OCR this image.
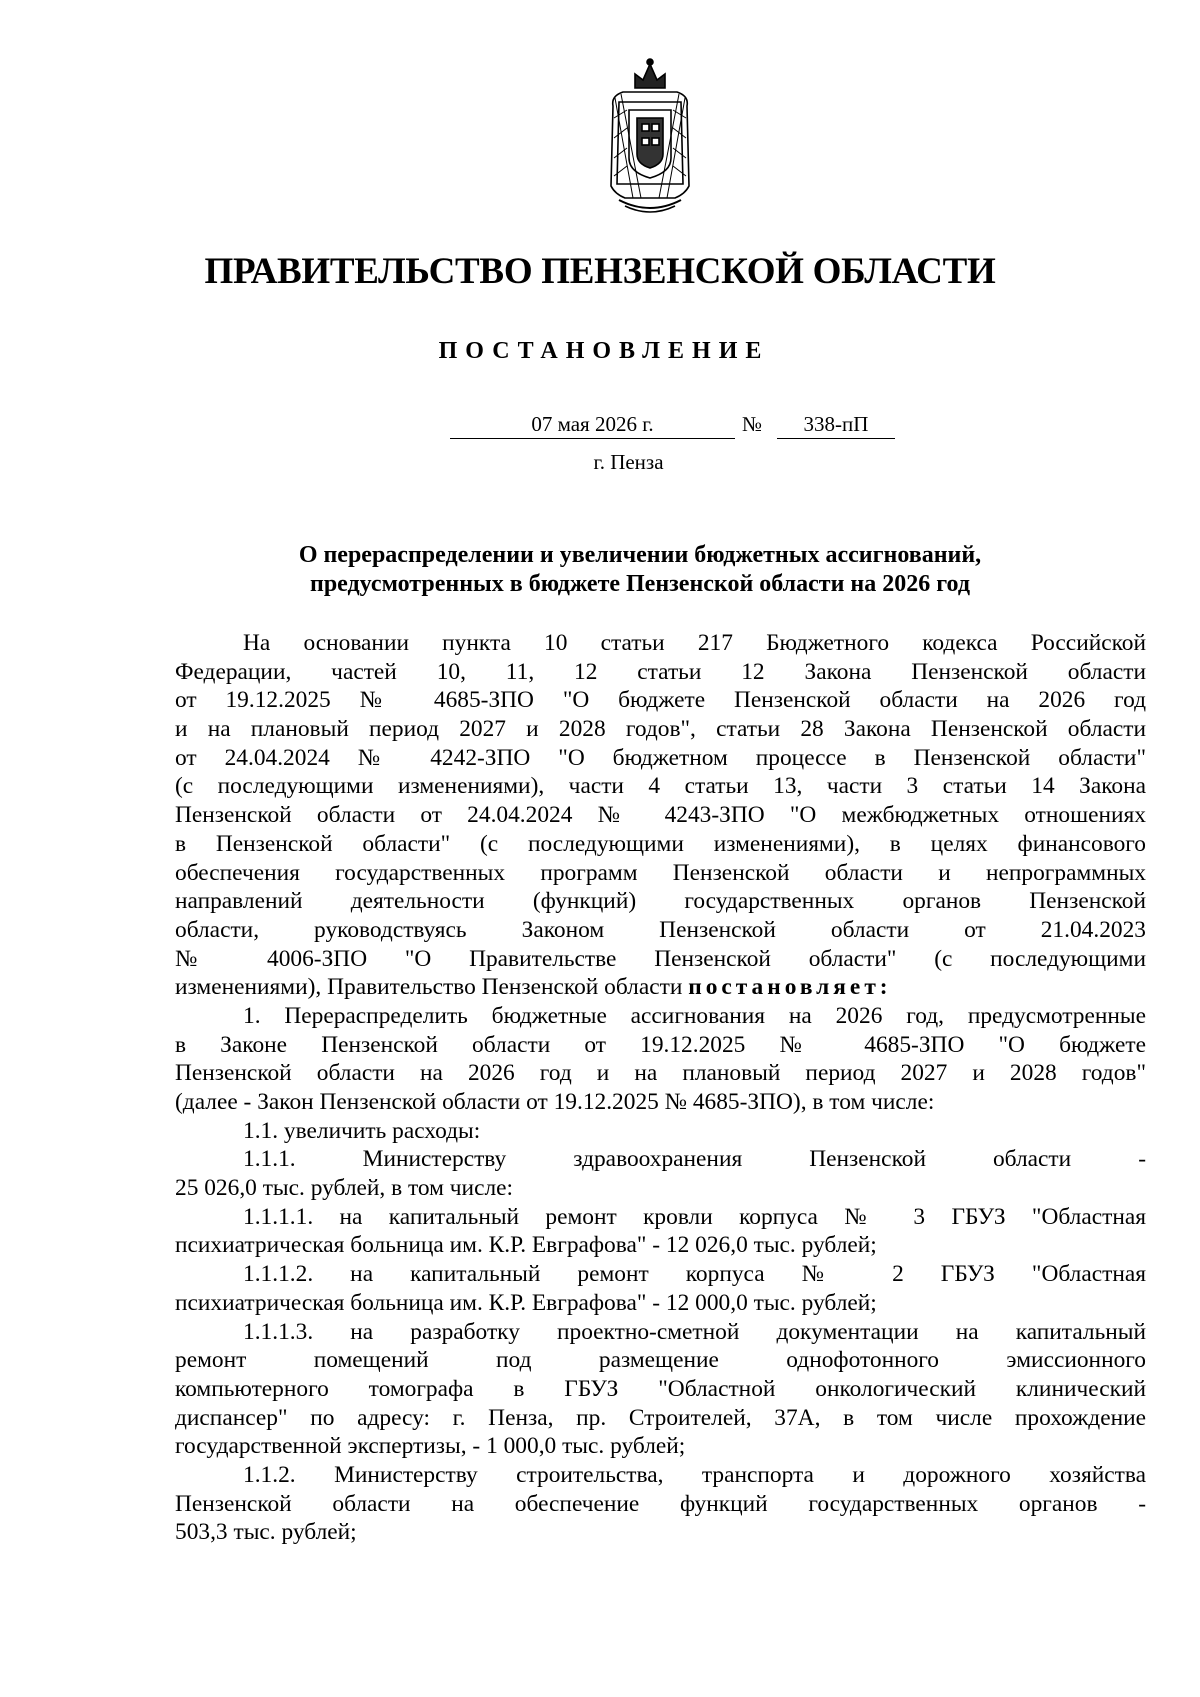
ПРАВИТЕЛЬСТВО ПЕНЗЕНСКОЙ ОБЛАСТИ
ПОСТАНОВЛЕНИЕ
07 мая 2026 г.	№	338-пП
г. Пенза
О перераспределении и увеличении бюджетных ассигнований,
предусмотренных в бюджете Пензенской области на 2026 год
На основании пункта 10 статьи 217 Бюджетного кодекса Российской
Федерации, частей 10, 11, 12 статьи 12 Закона Пензенской области
от 19.12.2025 № 4685-ЗПО "О бюджете Пензенской области на 2026 год
и на плановый период 2027 и 2028 годов", статьи 28 Закона Пензенской области
от 24.04.2024 № 4242-ЗПО "О бюджетном процессе в Пензенской области"
(с последующими изменениями), части 4 статьи 13, части 3 статьи 14 Закона
Пензенской области от 24.04.2024 № 4243-ЗПО "О межбюджетных отношениях
в Пензенской области" (с последующими изменениями), в целях финансового
обеспечения государственных программ Пензенской области и непрограммных
направлений деятельности (функций) государственных органов Пензенской
области, руководствуясь Законом Пензенской области от 21.04.2023
№ 4006-ЗПО "О Правительстве Пензенской области" (с последующими
изменениями), Правительство Пензенской области постановляет:
1. Перераспределить бюджетные ассигнования на 2026 год, предусмотренные
в Законе Пензенской области от 19.12.2025 № 4685-ЗПО "О бюджете
Пензенской области на 2026 год и на плановый период 2027 и 2028 годов"
(далее - Закон Пензенской области от 19.12.2025 № 4685-ЗПО), в том числе:
1.1. увеличить расходы:
1.1.1. Министерству здравоохранения Пензенской области -
25 026,0 тыс. рублей, в том числе:
1.1.1.1. на капитальный ремонт кровли корпуса № 3 ГБУЗ "Областная
психиатрическая больница им. К.Р. Евграфова" - 12 026,0 тыс. рублей;
1.1.1.2. на капитальный ремонт корпуса № 2 ГБУЗ "Областная
психиатрическая больница им. К.Р. Евграфова" - 12 000,0 тыс. рублей;
1.1.1.3. на разработку проектно-сметной документации на капитальный
ремонт помещений под размещение однофотонного эмиссионного
компьютерного томографа в ГБУЗ "Областной онкологический клинический
диспансер" по адресу: г. Пенза, пр. Строителей, 37А, в том числе прохождение
государственной экспертизы, - 1 000,0 тыс. рублей;
1.1.2. Министерству строительства, транспорта и дорожного хозяйства
Пензенской области на обеспечение функций государственных органов -
503,3 тыс. рублей;
